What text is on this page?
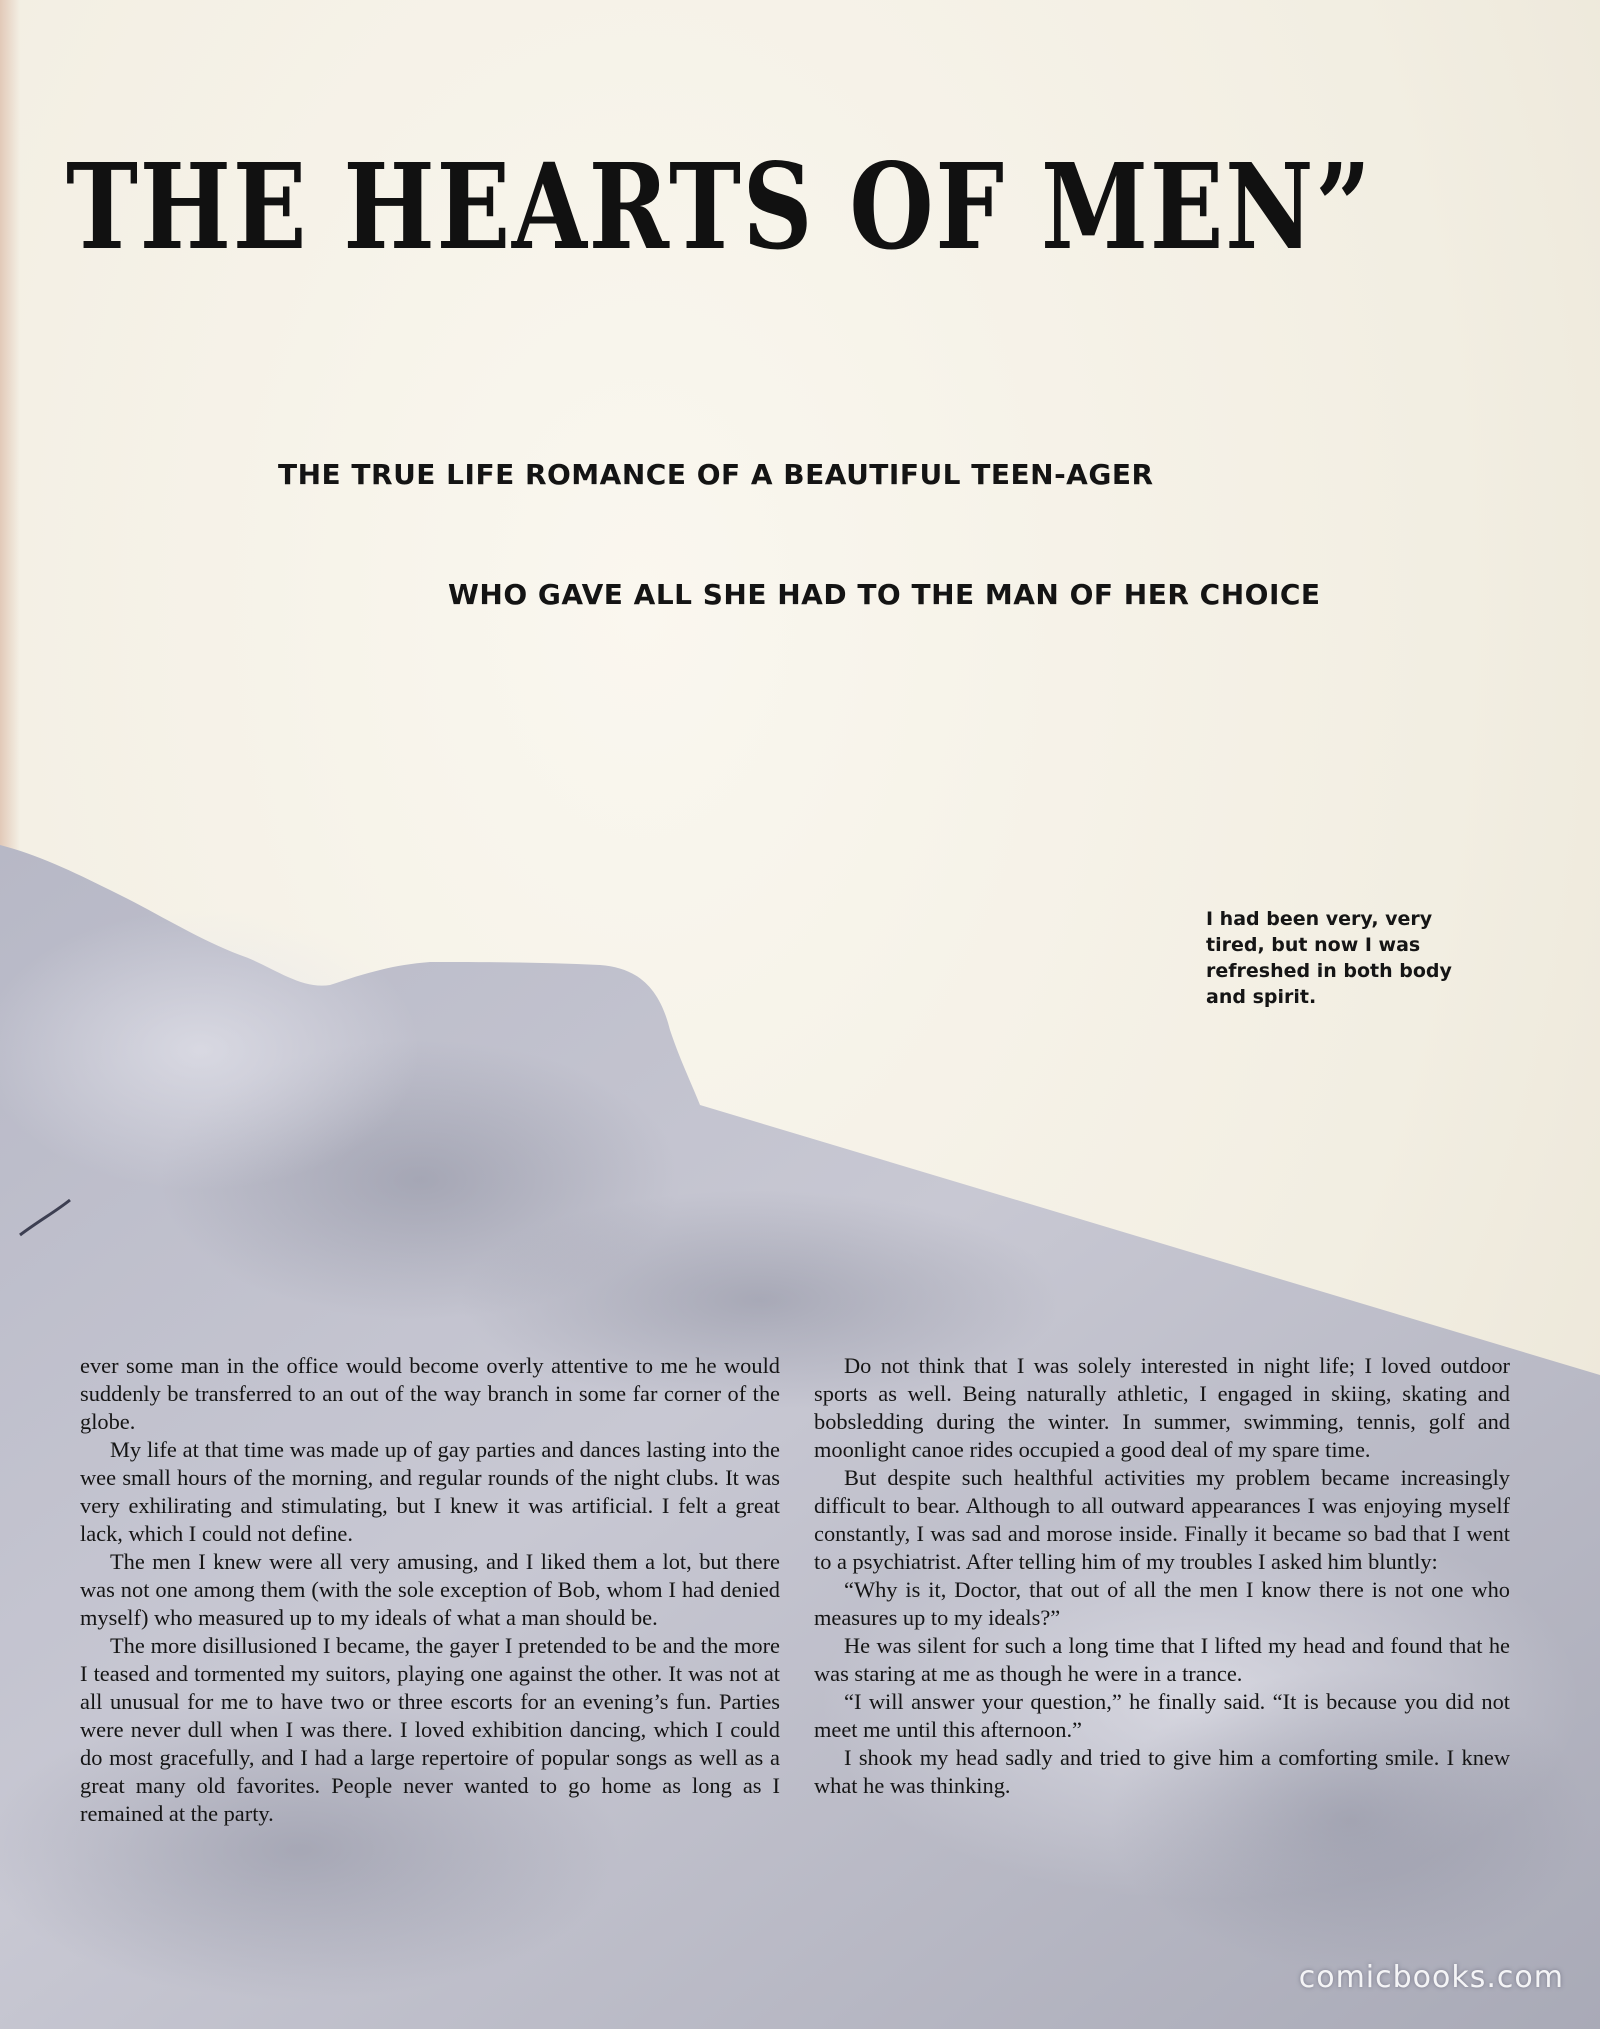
THE HEARTS OF MEN”
THE TRUE LIFE ROMANCE OF A BEAUTIFUL TEEN-AGER
WHO GAVE ALL SHE HAD TO THE MAN OF HER CHOICE

I had been very, very tired, but now I was refreshed in both body and spirit.

ever some man in the office would become overly attentive to me he would suddenly be transferred to an out of the way branch in some far corner of the globe.

My life at that time was made up of gay parties and dances lasting into the wee small hours of the morning, and regular rounds of the night clubs. It was very exhilirating and stimulating, but I knew it was artificial. I felt a great lack, which I could not define.

The men I knew were all very amusing, and I liked them a lot, but there was not one among them (with the sole exception of Bob, whom I had denied myself) who measured up to my ideals of what a man should be.

The more disillusioned I became, the gayer I pretended to be and the more I teased and tormented my suitors, playing one against the other. It was not at all unusual for me to have two or three escorts for an evening’s fun. Parties were never dull when I was there. I loved exhibition dancing, which I could do most gracefully, and I had a large repertoire of popular songs as well as a great many old favorites. People never wanted to go home as long as I remained at the party.

Do not think that I was solely interested in night life; I loved outdoor sports as well. Being naturally athletic, I engaged in skiing, skating and bobsledding during the winter. In summer, swimming, tennis, golf and moonlight canoe rides occupied a good deal of my spare time.

But despite such healthful activities my problem became increasingly difficult to bear. Although to all outward appearances I was enjoying myself constantly, I was sad and morose inside. Finally it became so bad that I went to a psychiatrist. After telling him of my troubles I asked him bluntly:

“Why is it, Doctor, that out of all the men I know there is not one who measures up to my ideals?”

He was silent for such a long time that I lifted my head and found that he was staring at me as though he were in a trance.

“I will answer your question,” he finally said. “It is because you did not meet me until this afternoon.”

I shook my head sadly and tried to give him a comforting smile. I knew what he was thinking.

comicbooks.com
